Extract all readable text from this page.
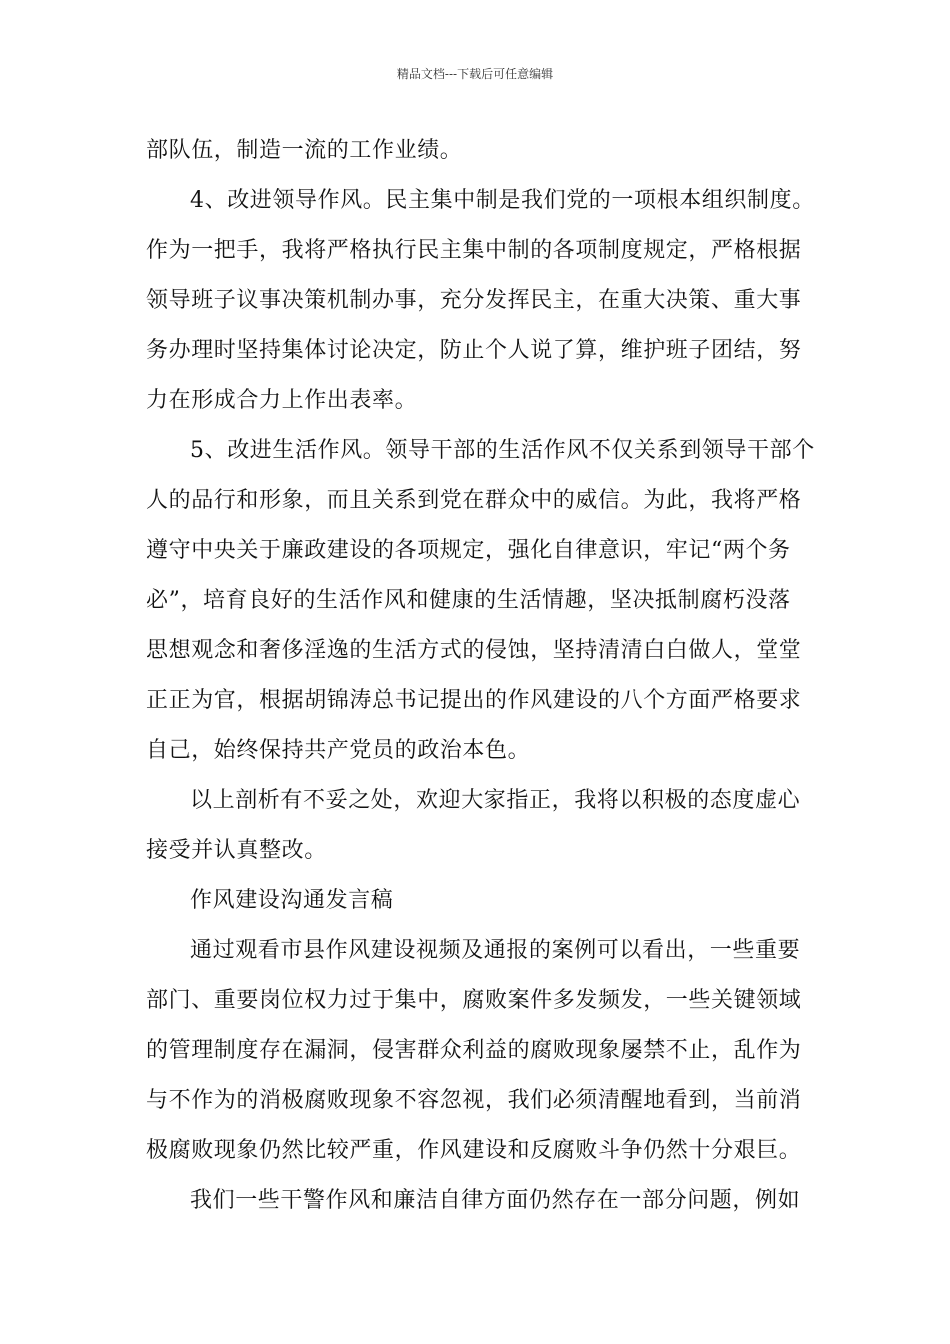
精品文档---下载后可任意编辑
部队伍，制造一流的工作业绩。
4、改进领导作风。民主集中制是我们党的一项根本组织制度。
作为一把手，我将严格执行民主集中制的各项制度规定，严格根据
领导班子议事决策机制办事，充分发挥民主，在重大决策、重大事
务办理时坚持集体讨论决定，防止个人说了算，维护班子团结，努
力在形成合力上作出表率。
5、改进生活作风。领导干部的生活作风不仅关系到领导干部个
人的品行和形象，而且关系到党在群众中的威信。为此，我将严格
遵守中央关于廉政建设的各项规定，强化自律意识，牢记“两个务
必”，培育良好的生活作风和健康的生活情趣，坚决抵制腐朽没落
思想观念和奢侈淫逸的生活方式的侵蚀，坚持清清白白做人，堂堂
正正为官，根据胡锦涛总书记提出的作风建设的八个方面严格要求
自己，始终保持共产党员的政治本色。
以上剖析有不妥之处，欢迎大家指正，我将以积极的态度虚心
接受并认真整改。
作风建设沟通发言稿
通过观看市县作风建设视频及通报的案例可以看出，一些重要
部门、重要岗位权力过于集中，腐败案件多发频发，一些关键领域
的管理制度存在漏洞，侵害群众利益的腐败现象屡禁不止，乱作为
与不作为的消极腐败现象不容忽视，我们必须清醒地看到，当前消
极腐败现象仍然比较严重，作风建设和反腐败斗争仍然十分艰巨。
我们一些干警作风和廉洁自律方面仍然存在一部分问题，例如
